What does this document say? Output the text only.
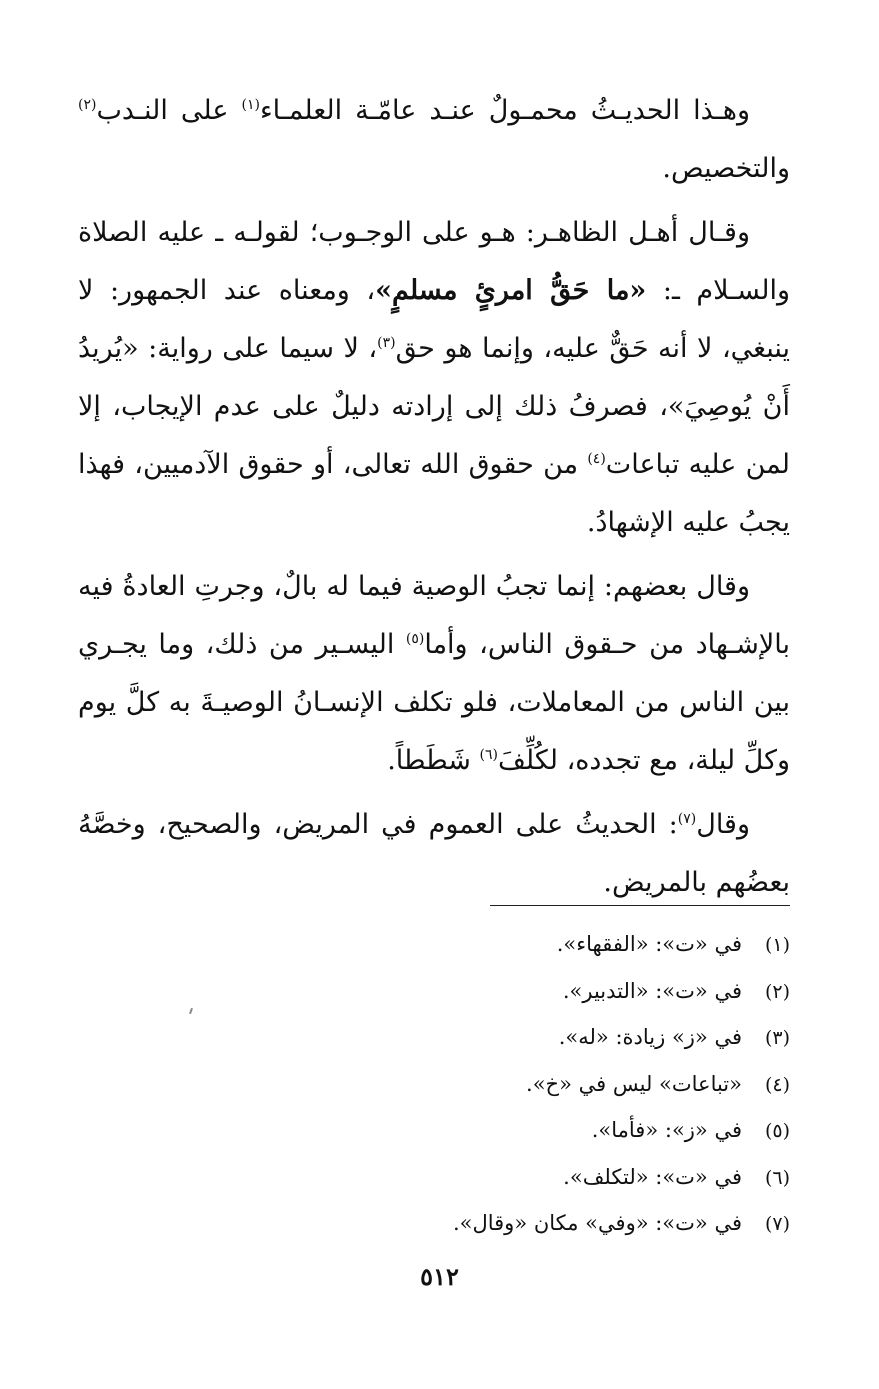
وهـذا الحديـثُ محمـولٌ عنـد عامّـة العلمـاء$^{(١)}$ على النـدب$^{(٢)}$ والتخصيص.

وقـال أهـل الظاهـر: هـو على الوجـوب؛ لقولـه ـ عليه الصلاة والسـلام ـ: «ما حَقُّ امرئٍ مسلمٍ»، ومعناه عند الجمهور: لا ينبغي، لا أنه حَقٌّ عليه، وإنما هو حق$^{(٣)}$، لا سيما على رواية: «يُريدُ أَنْ يُوصِيَ»، فصرفُ ذلك إلى إرادته دليلٌ على عدم الإيجاب، إلا لمن عليه تباعات$^{(٤)}$ من حقوق الله تعالى، أو حقوق الآدميين، فهذا يجبُ عليه الإشهادُ.

وقال بعضهم: إنما تجبُ الوصية فيما له بالٌ، وجرتِ العادةُ فيه بالإشـهاد من حـقوق الناس، وأما$^{(٥)}$ اليسـير من ذلك، وما يجـري بين الناس من المعاملات، فلو تكلف الإنسـانُ الوصيـةَ به كلَّ يوم وكلِّ ليلة، مع تجدده، لكُلِّفَ$^{(٦)}$ شَطَطاً.

وقال$^{(٧)}$: الحديثُ على العموم في المريض، والصحيح، وخصَّهُ بعضُهم بالمريض.

(١)في «ت»: «الفقهاء».
(٢)في «ت»: «التدبير».
(٣)في «ز» زيادة: «له».
(٤)«تباعات» ليس في «خ».
(٥)في «ز»: «فأما».
(٦)في «ت»: «لتكلف».
(٧)في «ت»: «وفي» مكان «وقال».
٥١٢
